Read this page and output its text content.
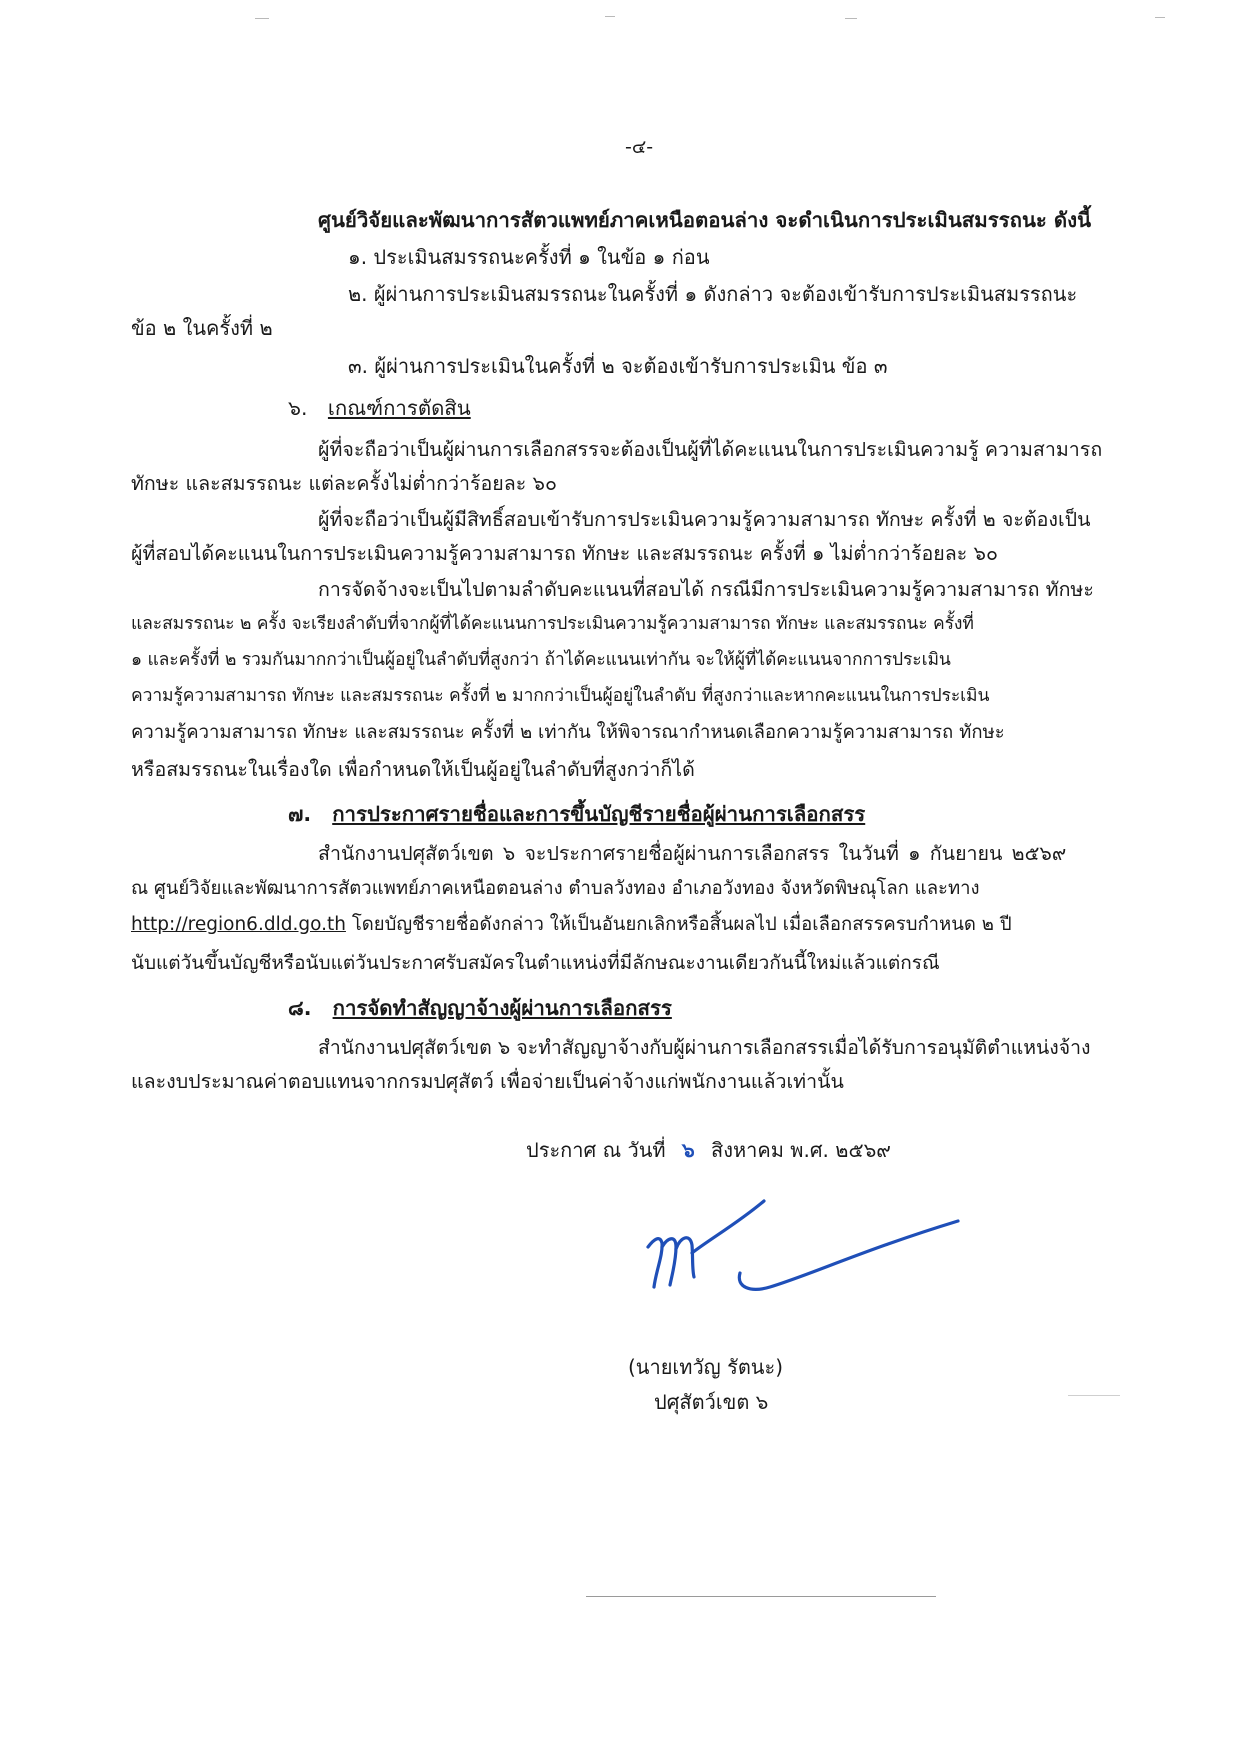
-๔-
ศูนย์วิจัยและพัฒนาการสัตวแพทย์ภาคเหนือตอนล่าง จะดำเนินการประเมินสมรรถนะ ดังนี้
๑. ประเมินสมรรถนะครั้งที่ ๑ ในข้อ ๑ ก่อน
๒. ผู้ผ่านการประเมินสมรรถนะในครั้งที่ ๑ ดังกล่าว จะต้องเข้ารับการประเมินสมรรถนะ
ข้อ ๒ ในครั้งที่ ๒
๓. ผู้ผ่านการประเมินในครั้งที่ ๒ จะต้องเข้ารับการประเมิน ข้อ ๓
๖. เกณฑ์การตัดสิน
ผู้ที่จะถือว่าเป็นผู้ผ่านการเลือกสรรจะต้องเป็นผู้ที่ได้คะแนนในการประเมินความรู้ ความสามารถ
ทักษะ และสมรรถนะ แต่ละครั้งไม่ต่ำกว่าร้อยละ ๖๐
ผู้ที่จะถือว่าเป็นผู้มีสิทธิ์สอบเข้ารับการประเมินความรู้ความสามารถ ทักษะ ครั้งที่ ๒ จะต้องเป็น
ผู้ที่สอบได้คะแนนในการประเมินความรู้ความสามารถ ทักษะ และสมรรถนะ ครั้งที่ ๑ ไม่ต่ำกว่าร้อยละ ๖๐
การจัดจ้างจะเป็นไปตามลำดับคะแนนที่สอบได้ กรณีมีการประเมินความรู้ความสามารถ ทักษะ
และสมรรถนะ ๒ ครั้ง จะเรียงลำดับที่จากผู้ที่ได้คะแนนการประเมินความรู้ความสามารถ ทักษะ และสมรรถนะ ครั้งที่
๑ และครั้งที่ ๒ รวมกันมากกว่าเป็นผู้อยู่ในลำดับที่สูงกว่า ถ้าได้คะแนนเท่ากัน จะให้ผู้ที่ได้คะแนนจากการประเมิน
ความรู้ความสามารถ ทักษะ และสมรรถนะ ครั้งที่ ๒ มากกว่าเป็นผู้อยู่ในลำดับ ที่สูงกว่าและหากคะแนนในการประเมิน
ความรู้ความสามารถ ทักษะ และสมรรถนะ ครั้งที่ ๒ เท่ากัน ให้พิจารณากำหนดเลือกความรู้ความสามารถ ทักษะ
หรือสมรรถนะในเรื่องใด เพื่อกำหนดให้เป็นผู้อยู่ในลำดับที่สูงกว่าก็ได้
๗. การประกาศรายชื่อและการขึ้นบัญชีรายชื่อผู้ผ่านการเลือกสรร
สำนักงานปศุสัตว์เขต ๖ จะประกาศรายชื่อผู้ผ่านการเลือกสรร ในวันที่ ๑ กันยายน ๒๕๖๙
ณ ศูนย์วิจัยและพัฒนาการสัตวแพทย์ภาคเหนือตอนล่าง ตำบลวังทอง อำเภอวังทอง จังหวัดพิษณุโลก และทาง
http://region6.dld.go.th โดยบัญชีรายชื่อดังกล่าว ให้เป็นอันยกเลิกหรือสิ้นผลไป เมื่อเลือกสรรครบกำหนด ๒ ปี
นับแต่วันขึ้นบัญชีหรือนับแต่วันประกาศรับสมัครในตำแหน่งที่มีลักษณะงานเดียวกันนี้ใหม่แล้วแต่กรณี
๘. การจัดทำสัญญาจ้างผู้ผ่านการเลือกสรร
สำนักงานปศุสัตว์เขต ๖ จะทำสัญญาจ้างกับผู้ผ่านการเลือกสรรเมื่อได้รับการอนุมัติตำแหน่งจ้าง
และงบประมาณค่าตอบแทนจากกรมปศุสัตว์ เพื่อจ่ายเป็นค่าจ้างแก่พนักงานแล้วเท่านั้น
ประกาศ ณ วันที่ ๖ สิงหาคม พ.ศ. ๒๕๖๙
(นายเทวัญ รัตนะ)
ปศุสัตว์เขต ๖
